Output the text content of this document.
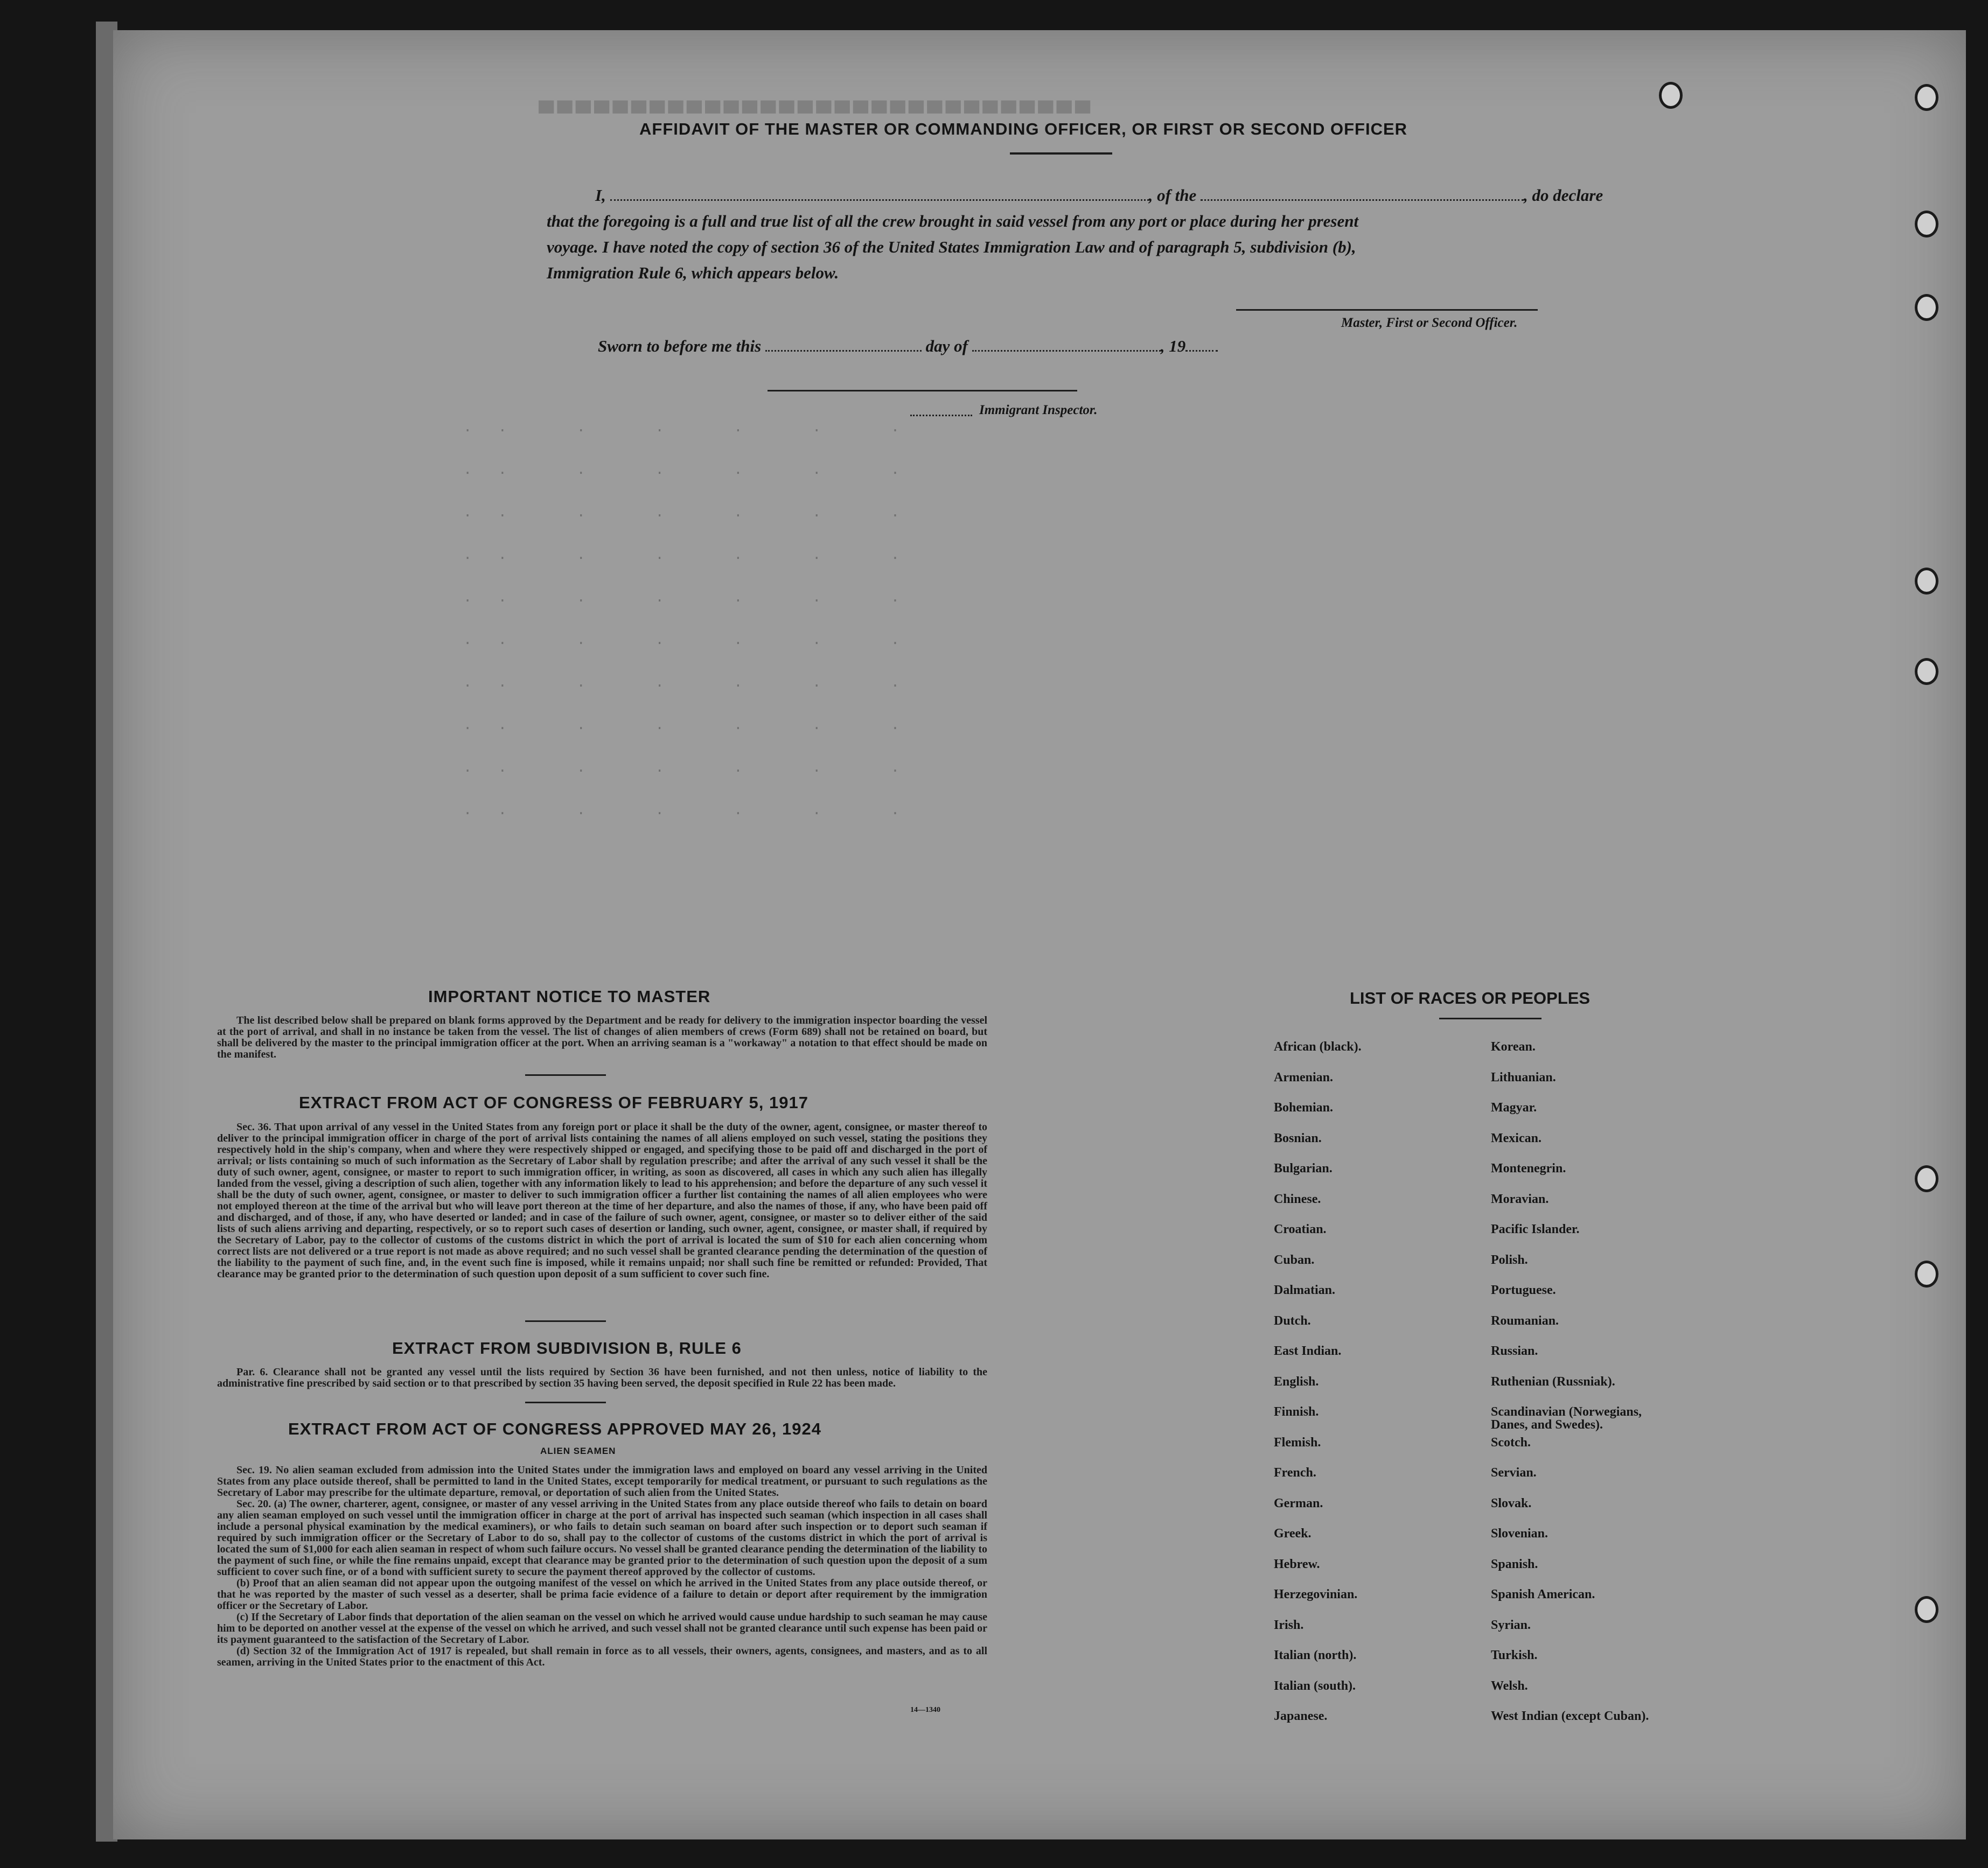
▀▀▀▀▀▀▀▀▀▀▀▀▀▀▀▀▀▀▀▀▀▀▀▀▀▀▀▀▀▀
.   .        .        .        .        .        .
.   .        .        .        .        .        .
.   .        .        .        .        .        .
.   .        .        .        .        .        .
.   .        .        .        .        .        .
.   .        .        .        .        .        .
.   .        .        .        .        .        .
.   .        .        .        .        .        .
.   .        .        .        .        .        .
.   .        .        .        .        .        .
AFFIDAVIT OF THE MASTER OR COMMANDING OFFICER, OR FIRST OR SECOND OFFICER
I,	, of the	, do declare
that the foregoing is a full and true list of all the crew brought in said vessel from any port or place during her present
voyage. I have noted the copy of section 36 of the United States Immigration Law and of paragraph 5, subdivision (b),
Immigration Rule 6, which appears below.
Master, First or Second Officer.
Sworn to before me this	day of	, 19
Immigrant Inspector.
IMPORTANT NOTICE TO MASTER

The list described below shall be prepared on blank forms approved by the Department and be ready for delivery to the immigration inspector boarding the vessel at the port of arrival, and shall in no instance be taken from the vessel. The list of changes of alien members of crews (Form 689) shall not be retained on board, but shall be delivered by the master to the principal immigration officer at the port. When an arriving seaman is a "workaway" a notation to that effect should be made on the manifest.

EXTRACT FROM ACT OF CONGRESS OF FEBRUARY 5, 1917

Sec. 36. That upon arrival of any vessel in the United States from any foreign port or place it shall be the duty of the owner, agent, consignee, or master thereof to deliver to the principal immigration officer in charge of the port of arrival lists containing the names of all aliens employed on such vessel, stating the positions they respectively hold in the ship's company, when and where they were respectively shipped or engaged, and specifying those to be paid off and discharged in the port of arrival; or lists containing so much of such information as the Secretary of Labor shall by regulation prescribe; and after the arrival of any such vessel it shall be the duty of such owner, agent, consignee, or master to report to such immigration officer, in writing, as soon as discovered, all cases in which any such alien has illegally landed from the vessel, giving a description of such alien, together with any information likely to lead to his apprehension; and before the departure of any such vessel it shall be the duty of such owner, agent, consignee, or master to deliver to such immigration officer a further list containing the names of all alien employees who were not employed thereon at the time of the arrival but who will leave port thereon at the time of her departure, and also the names of those, if any, who have been paid off and discharged, and of those, if any, who have deserted or landed; and in case of the failure of such owner, agent, consignee, or master so to deliver either of the said lists of such aliens arriving and departing, respectively, or so to report such cases of desertion or landing, such owner, agent, consignee, or master shall, if required by the Secretary of Labor, pay to the collector of customs of the customs district in which the port of arrival is located the sum of $10 for each alien concerning whom correct lists are not delivered or a true report is not made as above required; and no such vessel shall be granted clearance pending the determination of the question of the liability to the payment of such fine, and, in the event such fine is imposed, while it remains unpaid; nor shall such fine be remitted or refunded: Provided, That clearance may be granted prior to the determination of such question upon deposit of a sum sufficient to cover such fine.

EXTRACT FROM SUBDIVISION B, RULE 6

Par. 6. Clearance shall not be granted any vessel until the lists required by Section 36 have been furnished, and not then unless, notice of liability to the administrative fine prescribed by said section or to that prescribed by section 35 having been served, the deposit specified in Rule 22 has been made.

EXTRACT FROM ACT OF CONGRESS APPROVED MAY 26, 1924
ALIEN SEAMEN

Sec. 19. No alien seaman excluded from admission into the United States under the immigration laws and employed on board any vessel arriving in the United States from any place outside thereof, shall be permitted to land in the United States, except temporarily for medical treatment, or pursuant to such regulations as the Secretary of Labor may prescribe for the ultimate departure, removal, or deportation of such alien from the United States.

Sec. 20. (a) The owner, charterer, agent, consignee, or master of any vessel arriving in the United States from any place outside thereof who fails to detain on board any alien seaman employed on such vessel until the immigration officer in charge at the port of arrival has inspected such seaman (which inspection in all cases shall include a personal physical examination by the medical examiners), or who fails to detain such seaman on board after such inspection or to deport such seaman if required by such immigration officer or the Secretary of Labor to do so, shall pay to the collector of customs of the customs district in which the port of arrival is located the sum of $1,000 for each alien seaman in respect of whom such failure occurs. No vessel shall be granted clearance pending the determination of the liability to the payment of such fine, or while the fine remains unpaid, except that clearance may be granted prior to the determination of such question upon the deposit of a sum sufficient to cover such fine, or of a bond with sufficient surety to secure the payment thereof approved by the collector of customs.

(b) Proof that an alien seaman did not appear upon the outgoing manifest of the vessel on which he arrived in the United States from any place outside thereof, or that he was reported by the master of such vessel as a deserter, shall be prima facie evidence of a failure to detain or deport after requirement by the immigration officer or the Secretary of Labor.

(c) If the Secretary of Labor finds that deportation of the alien seaman on the vessel on which he arrived would cause undue hardship to such seaman he may cause him to be deported on another vessel at the expense of the vessel on which he arrived, and such vessel shall not be granted clearance until such expense has been paid or its payment guaranteed to the satisfaction of the Secretary of Labor.

(d) Section 32 of the Immigration Act of 1917 is repealed, but shall remain in force as to all vessels, their owners, agents, consignees, and masters, and as to all seamen, arriving in the United States prior to the enactment of this Act.

14—1340
LIST OF RACES OR PEOPLES
African (black).
Armenian.
Bohemian.
Bosnian.
Bulgarian.
Chinese.
Croatian.
Cuban.
Dalmatian.
Dutch.
East Indian.
English.
Finnish.
Flemish.
French.
German.
Greek.
Hebrew.
Herzegovinian.
Irish.
Italian (north).
Italian (south).
Japanese.
Korean.
Lithuanian.
Magyar.
Mexican.
Montenegrin.
Moravian.
Pacific Islander.
Polish.
Portuguese.
Roumanian.
Russian.
Ruthenian (Russniak).
Scandinavian (Norwegians, Danes, and Swedes).
Scotch.
Servian.
Slovak.
Slovenian.
Spanish.
Spanish American.
Syrian.
Turkish.
Welsh.
West Indian (except Cuban).
